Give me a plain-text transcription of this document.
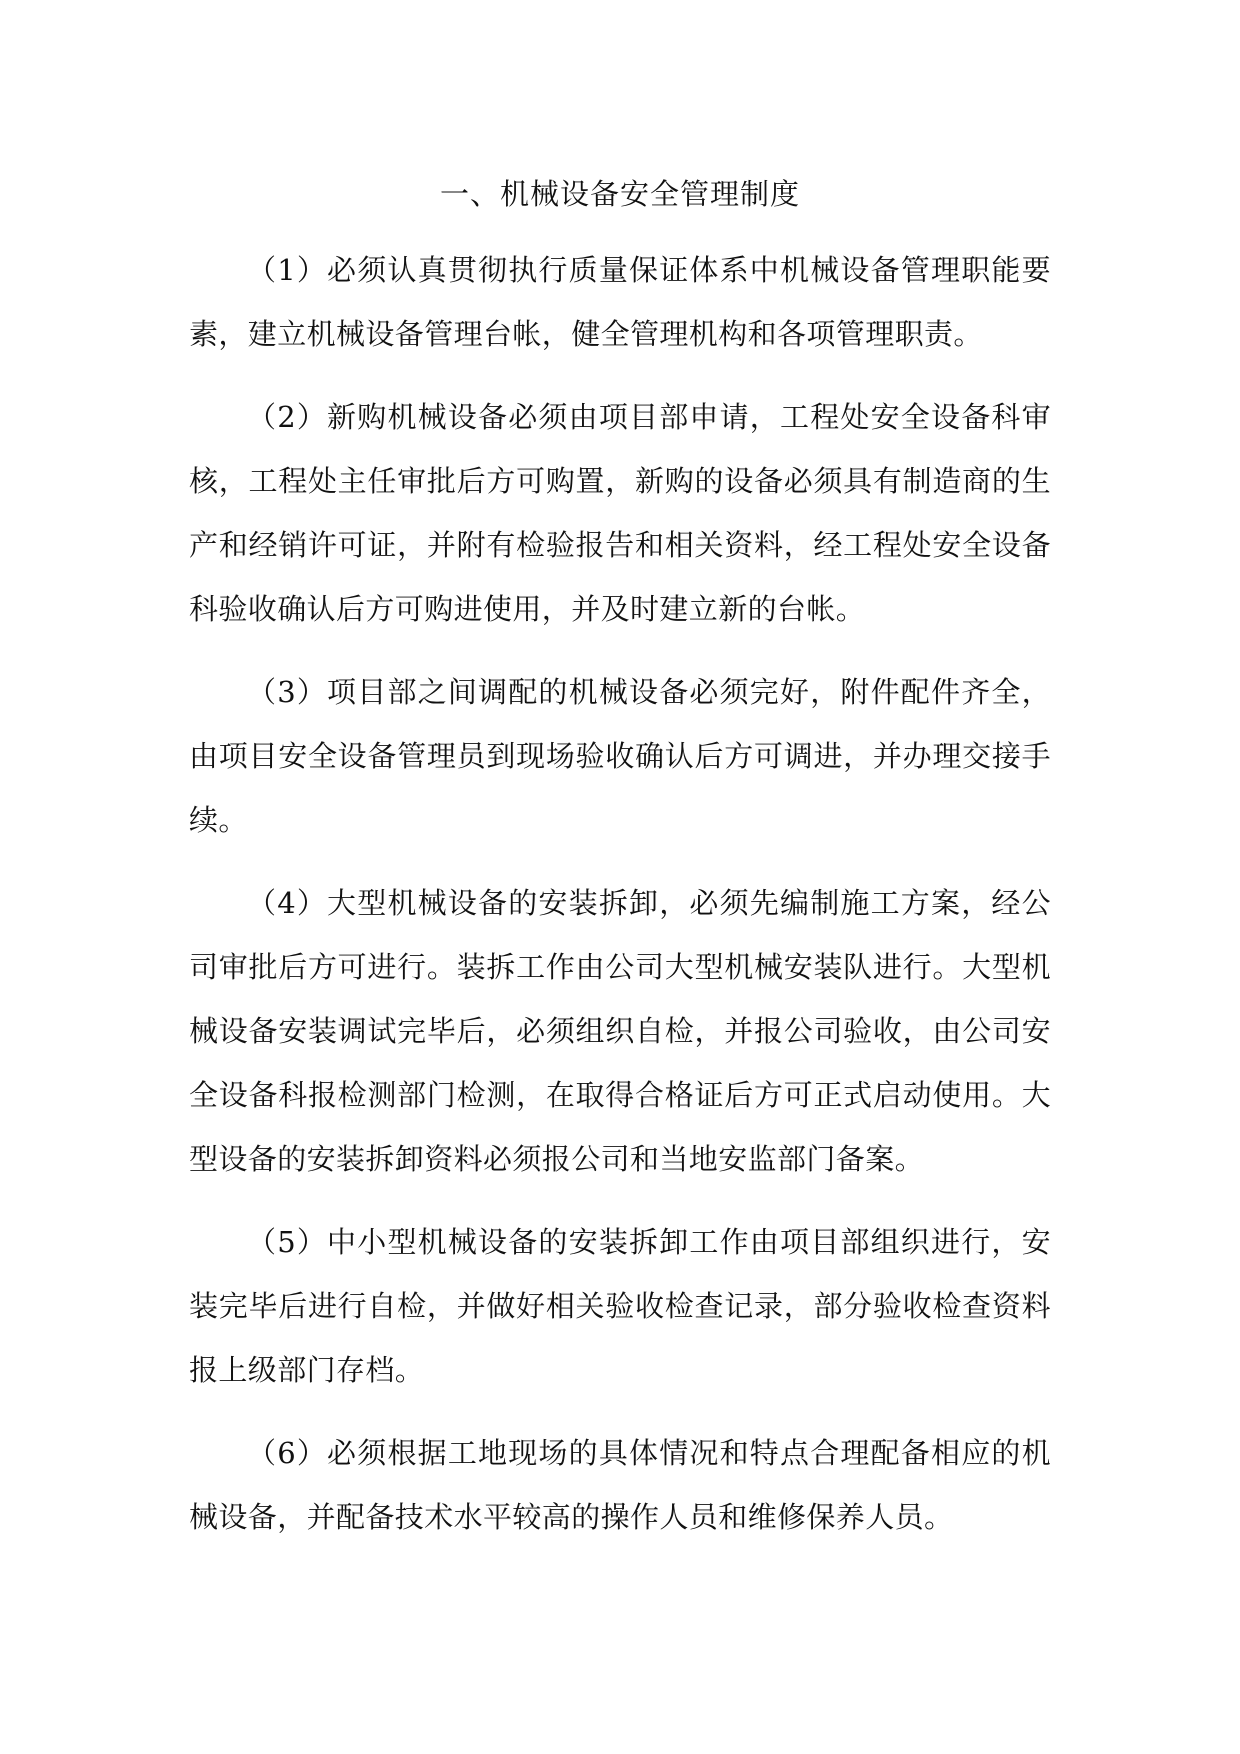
一、机械设备安全管理制度

（1）必须认真贯彻执行质量保证体系中机械设备管理职能要素，建立机械设备管理台帐，健全管理机构和各项管理职责。

（2）新购机械设备必须由项目部申请，工程处安全设备科审核，工程处主任审批后方可购置，新购的设备必须具有制造商的生产和经销许可证，并附有检验报告和相关资料，经工程处安全设备科验收确认后方可购进使用，并及时建立新的台帐。

（3）项目部之间调配的机械设备必须完好，附件配件齐全，由项目安全设备管理员到现场验收确认后方可调进，并办理交接手续。

（4）大型机械设备的安装拆卸，必须先编制施工方案，经公司审批后方可进行。装拆工作由公司大型机械安装队进行。大型机械设备安装调试完毕后，必须组织自检，并报公司验收，由公司安全设备科报检测部门检测，在取得合格证后方可正式启动使用。大型设备的安装拆卸资料必须报公司和当地安监部门备案。

（5）中小型机械设备的安装拆卸工作由项目部组织进行，安装完毕后进行自检，并做好相关验收检查记录，部分验收检查资料报上级部门存档。

（6）必须根据工地现场的具体情况和特点合理配备相应的机械设备，并配备技术水平较高的操作人员和维修保养人员。
